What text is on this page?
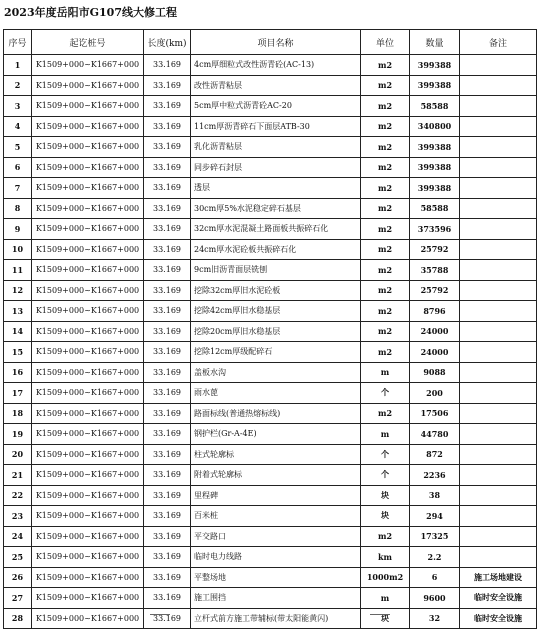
2023年度岳阳市G107线大修工程
序号	起讫桩号	长度(km)	项目名称	单位	数量	备注
1	K1509+000~K1667+000	33.169	4cm厚细粒式改性沥青砼(AC-13)	m2	399388	
2	K1509+000~K1667+000	33.169	改性沥青粘层	m2	399388	
3	K1509+000~K1667+000	33.169	5cm厚中粒式沥青砼AC-20	m2	58588	
4	K1509+000~K1667+000	33.169	11cm厚沥青碎石下面层ATB-30	m2	340800	
5	K1509+000~K1667+000	33.169	乳化沥青粘层	m2	399388	
6	K1509+000~K1667+000	33.169	同步碎石封层	m2	399388	
7	K1509+000~K1667+000	33.169	透层	m2	399388	
8	K1509+000~K1667+000	33.169	30cm厚5%水泥稳定碎石基层	m2	58588	
9	K1509+000~K1667+000	33.169	32cm厚水泥混凝土路面板共振碎石化	m2	373596	
10	K1509+000~K1667+000	33.169	24cm厚水泥砼板共振碎石化	m2	25792	
11	K1509+000~K1667+000	33.169	9cm旧沥青面层铣刨	m2	35788	
12	K1509+000~K1667+000	33.169	挖除32cm厚旧水泥砼板	m2	25792	
13	K1509+000~K1667+000	33.169	挖除42cm厚旧水稳基层	m2	8796	
14	K1509+000~K1667+000	33.169	挖除20cm厚旧水稳基层	m2	24000	
15	K1509+000~K1667+000	33.169	挖除12cm厚级配碎石	m2	24000	
16	K1509+000~K1667+000	33.169	盖板水沟	m	9088	
17	K1509+000~K1667+000	33.169	雨水蓖	个	200	
18	K1509+000~K1667+000	33.169	路面标线(普通热熔标线)	m2	17506	
19	K1509+000~K1667+000	33.169	钢护栏(Gr-A-4E)	m	44780	
20	K1509+000~K1667+000	33.169	柱式轮廓标	个	872	
21	K1509+000~K1667+000	33.169	附着式轮廓标	个	2236	
22	K1509+000~K1667+000	33.169	里程碑	块	38	
23	K1509+000~K1667+000	33.169	百米桩	块	294	
24	K1509+000~K1667+000	33.169	平交路口	m2	17325	
25	K1509+000~K1667+000	33.169	临时电力线路	km	2.2	
26	K1509+000~K1667+000	33.169	平整场地	1000m2	6	施工场地建设
27	K1509+000~K1667+000	33.169	施工围挡	m	9600	临时安全设施
28	K1509+000~K1667+000	33.169	立杆式前方施工带辅标(带太阳能黄闪)	块	32	临时安全设施
